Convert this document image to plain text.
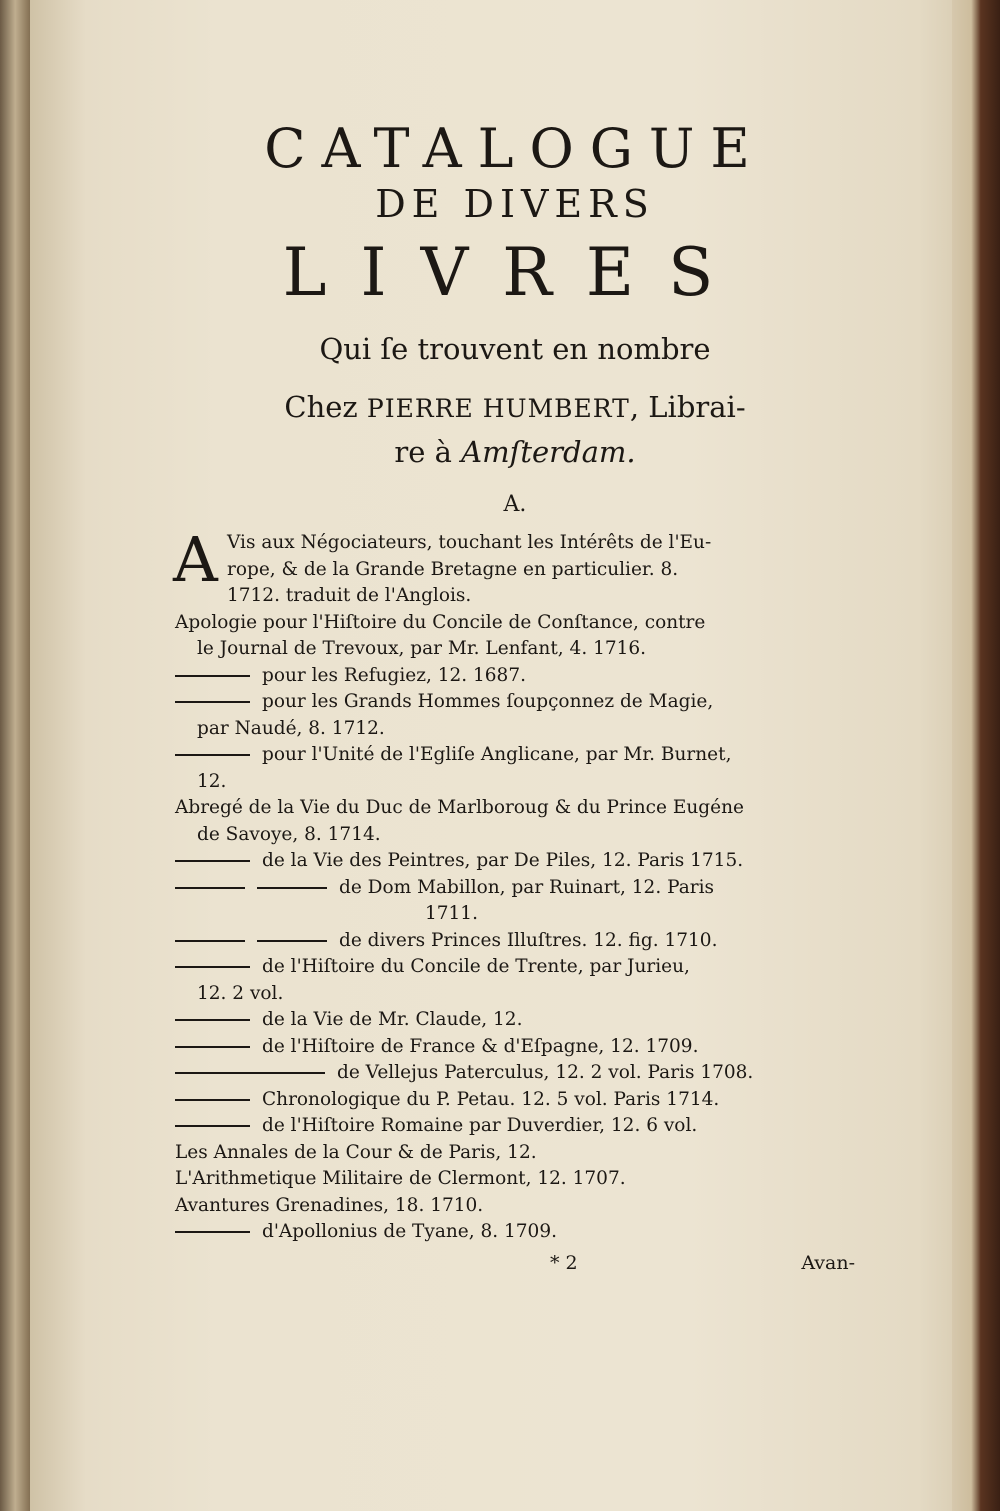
CATALOGUE
DE DIVERS
LIVRES

Qui ſe trouvent en nombre

Chez PIERRE HUMBERT, Librai-

re à Amſterdam.

A.
A Vis aux Négociateurs, touchant les Intérêts de l'Eu-
rope, & de la Grande Bretagne en particulier. 8.
1712. traduit de l'Anglois.
Apologie pour l'Hiſtoire du Concile de Conſtance, contre
le Journal de Trevoux, par Mr. Lenfant, 4. 1716.
pour les Refugiez, 12. 1687.
pour les Grands Hommes ſoupçonnez de Magie,
par Naudé, 8. 1712.
pour l'Unité de l'Egliſe Anglicane, par Mr. Burnet,
12.
Abregé de la Vie du Duc de Marlboroug & du Prince Eugéne
de Savoye, 8. 1714.
de la Vie des Peintres, par De Piles, 12. Paris 1715.
de Dom Mabillon, par Ruinart, 12. Paris
1711.
de divers Princes Illuſtres. 12. fig. 1710.
de l'Hiſtoire du Concile de Trente, par Jurieu,
12. 2 vol.
de la Vie de Mr. Claude, 12.
de l'Hiſtoire de France & d'Eſpagne, 12. 1709.
de Vellejus Paterculus, 12. 2 vol. Paris 1708.
Chronologique du P. Petau. 12. 5 vol. Paris 1714.
de l'Hiſtoire Romaine par Duverdier, 12. 6 vol.
Les Annales de la Cour & de Paris, 12.
L'Arithmetique Militaire de Clermont, 12. 1707.
Avantures Grenadines, 18. 1710.
d'Apollonius de Tyane, 8. 1709.
* 2	Avan-
